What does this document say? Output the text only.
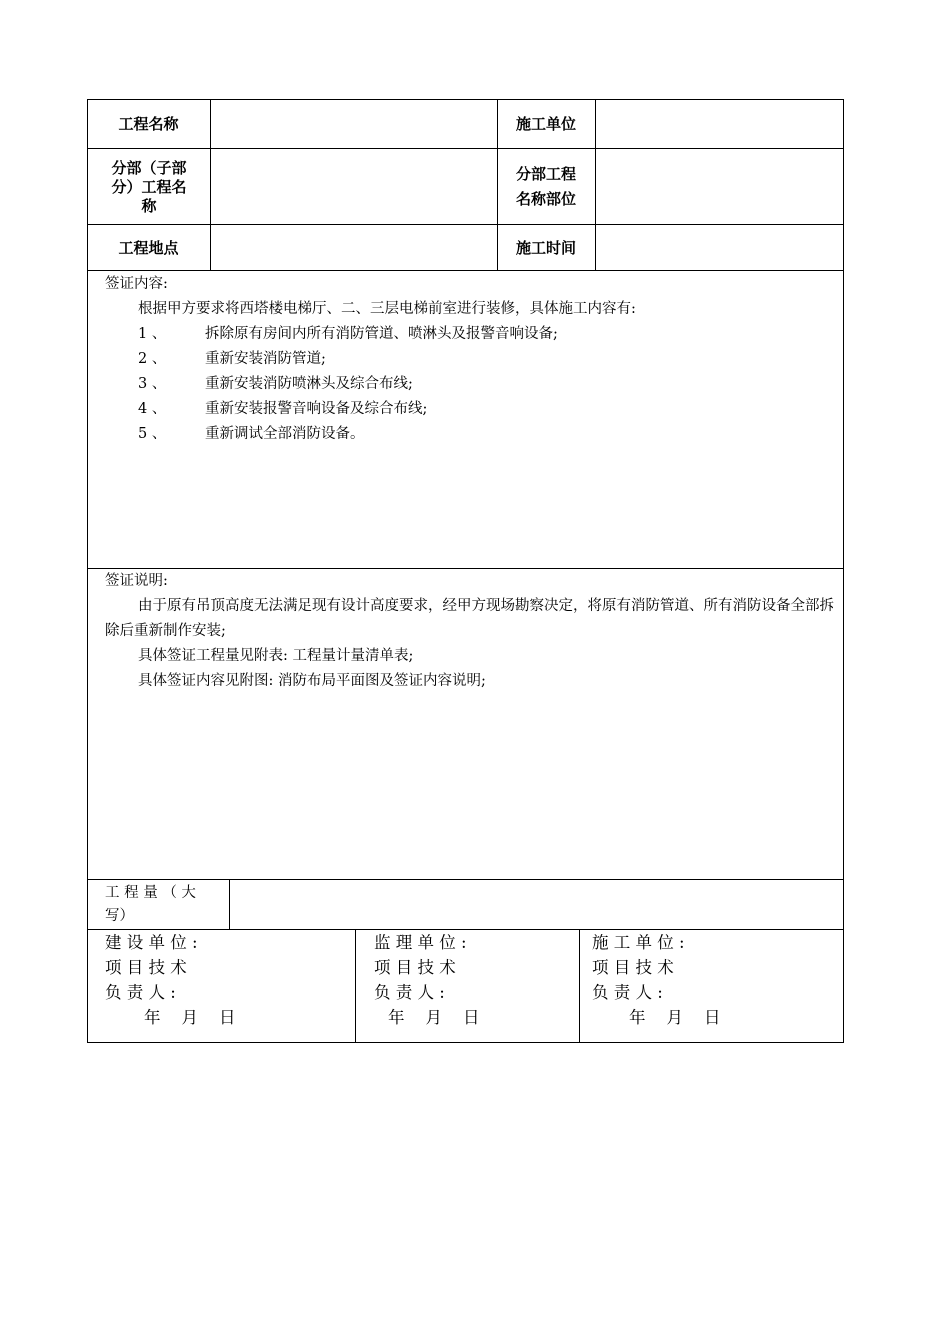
工程名称	施工单位
分部（子部分）工程名称
分部工程
名称部位
工程地点	施工时间
签证内容:
根据甲方要求将西塔楼电梯厅、二、三层电梯前室进行装修，具体施工内容有:
1 、	拆除原有房间内所有消防管道、喷淋头及报警音响设备;
2 、	重新安装消防管道;
3 、	重新安装消防喷淋头及综合布线;
4 、	重新安装报警音响设备及综合布线;
5 、	重新调试全部消防设备。
签证说明:
由于原有吊顶高度无法满足现有设计高度要求，经甲方现场勘察决定，将原有消防管道、所有消防设备全部拆除后重新制作安装;
具体签证工程量见附表: 工程量计量清单表;
具体签证内容见附图: 消防布局平面图及签证内容说明;
工 程 量 （ 大
写）
建 设 单 位 :
项 目 技 术
负 责 人 :
年    月    日
监 理 单 位 :
项 目 技 术
负 责 人 :
年    月    日
施 工 单 位 :
项 目 技 术
负 责 人 :
年    月    日
